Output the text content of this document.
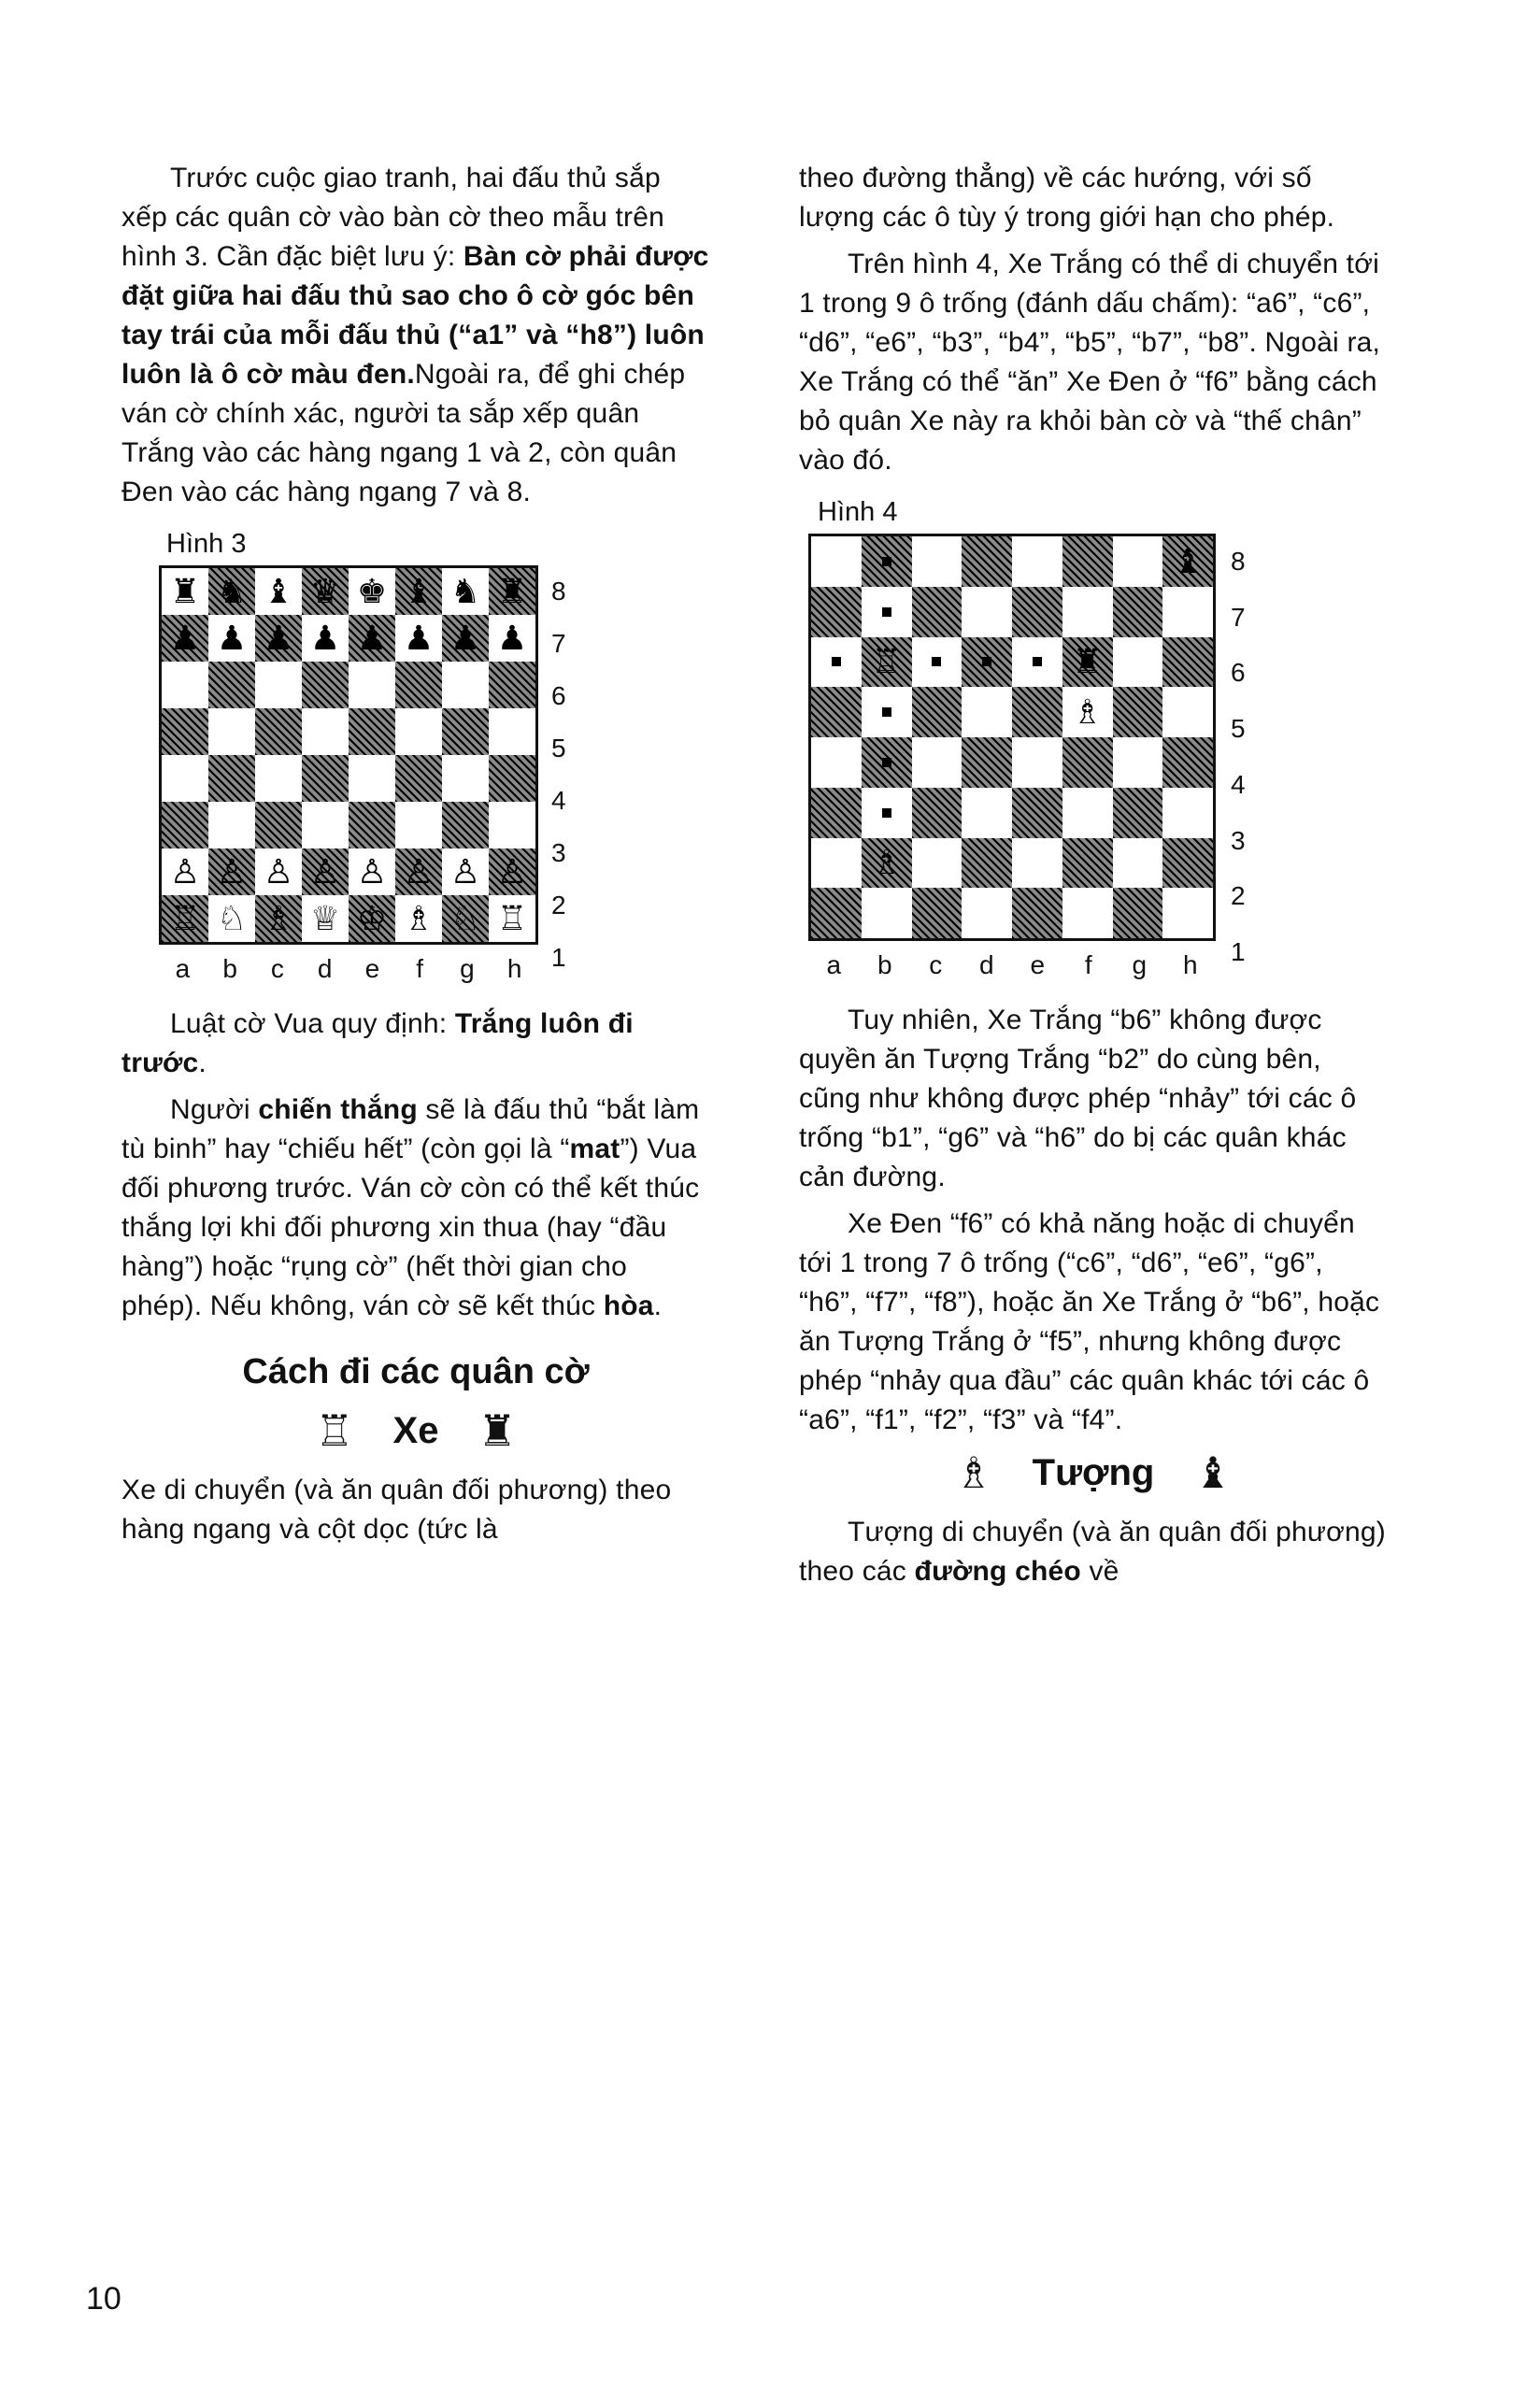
Trước cuộc giao tranh, hai đấu thủ sắp xếp các quân cờ vào bàn cờ theo mẫu trên hình 3. Cần đặc biệt lưu ý: Bàn cờ phải được đặt giữa hai đấu thủ sao cho ô cờ góc bên tay trái của mỗi đấu thủ (“a1” và “h8”) luôn luôn là ô cờ màu đen.Ngoài ra, để ghi chép ván cờ chính xác, người ta sắp xếp quân Trắng vào các hàng ngang 1 và 2, còn quân Đen vào các hàng ngang 7 và 8.

Hình 3
♜ ♞ ♝ ♛ ♚ ♝ ♞ ♜
♟ ♟ ♟ ♟ ♟ ♟ ♟ ♟
♙ ♙ ♙ ♙ ♙ ♙ ♙ ♙
♖ ♘ ♗ ♕ ♔ ♗ ♘ ♖
8
7
6
5
4
3
2
1
a	b	c	d	e	f	g	h

Luật cờ Vua quy định: Trắng luôn đi trước.

Người chiến thắng sẽ là đấu thủ “bắt làm tù binh” hay “chiếu hết” (còn gọi là “mat”) Vua đối phương trước. Ván cờ còn có thể kết thúc thắng lợi khi đối phương xin thua (hay “đầu hàng”) hoặc “rụng cờ” (hết thời gian cho phép). Nếu không, ván cờ sẽ kết thúc hòa.

Cách đi các quân cờ
♖ Xe ♜

Xe di chuyển (và ăn quân đối phương) theo hàng ngang và cột dọc (tức là

theo đường thẳng) về các hướng, với số lượng các ô tùy ý trong giới hạn cho phép.

Trên hình 4, Xe Trắng có thể di chuyển tới 1 trong 9 ô trống (đánh dấu chấm): “a6”, “c6”, “d6”, “e6”, “b3”, “b4”, “b5”, “b7”, “b8”. Ngoài ra, Xe Trắng có thể “ăn” Xe Đen ở “f6” bằng cách bỏ quân Xe này ra khỏi bàn cờ và “thế chân” vào đó.

Hình 4
♝
♖	♜
♗
♗
8
7
6
5
4
3
2
1
a	b	c	d	e	f	g	h

Tuy nhiên, Xe Trắng “b6” không được quyền ăn Tượng Trắng “b2” do cùng bên, cũng như không được phép “nhảy” tới các ô trống “b1”, “g6” và “h6” do bị các quân khác cản đường.

Xe Đen “f6” có khả năng hoặc di chuyển tới 1 trong 7 ô trống (“c6”, “d6”, “e6”, “g6”, “h6”, “f7”, “f8”), hoặc ăn Xe Trắng ở “b6”, hoặc ăn Tượng Trắng ở “f5”, nhưng không được phép “nhảy qua đầu” các quân khác tới các ô “a6”, “f1”, “f2”, “f3” và “f4”.

♗ Tượng ♝

Tượng di chuyển (và ăn quân đối phương) theo các đường chéo về

10
